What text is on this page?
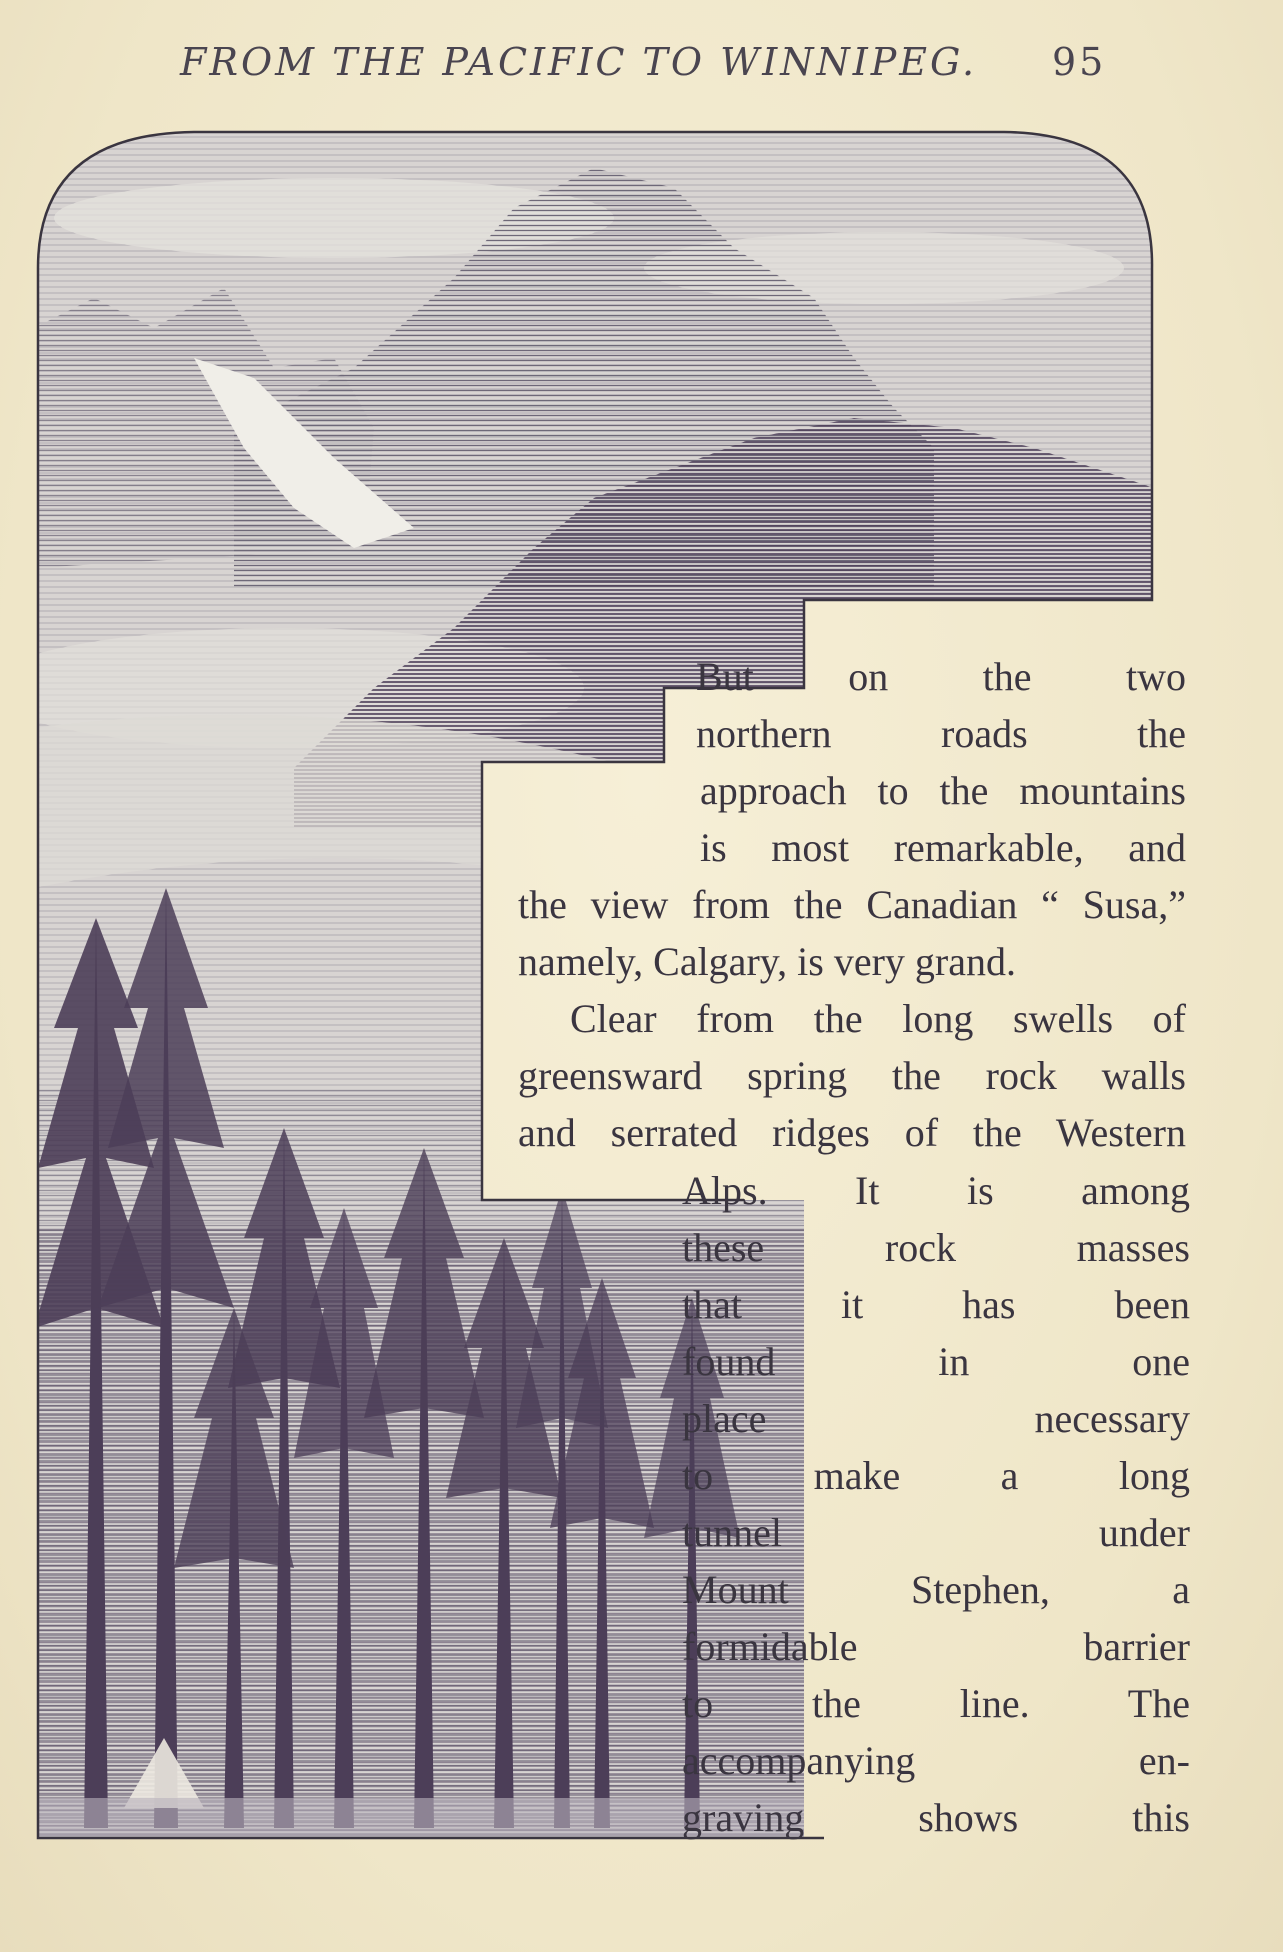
FROM THE PACIFIC TO WINNIPEG. 95
But on the two
northern roads the
approach to the mountains
is most remarkable, and
the view from the Canadian “ Susa,”
namely, Calgary, is very grand.
Clear from the long swells of
greensward spring the rock walls
and serrated ridges of the Western
Alps. It is among
these rock masses
that it has been
found in one
place necessary
to make a long
tunnel under
Mount Stephen, a
formidable barrier
to the line. The
accompanying en-
graving shows this
